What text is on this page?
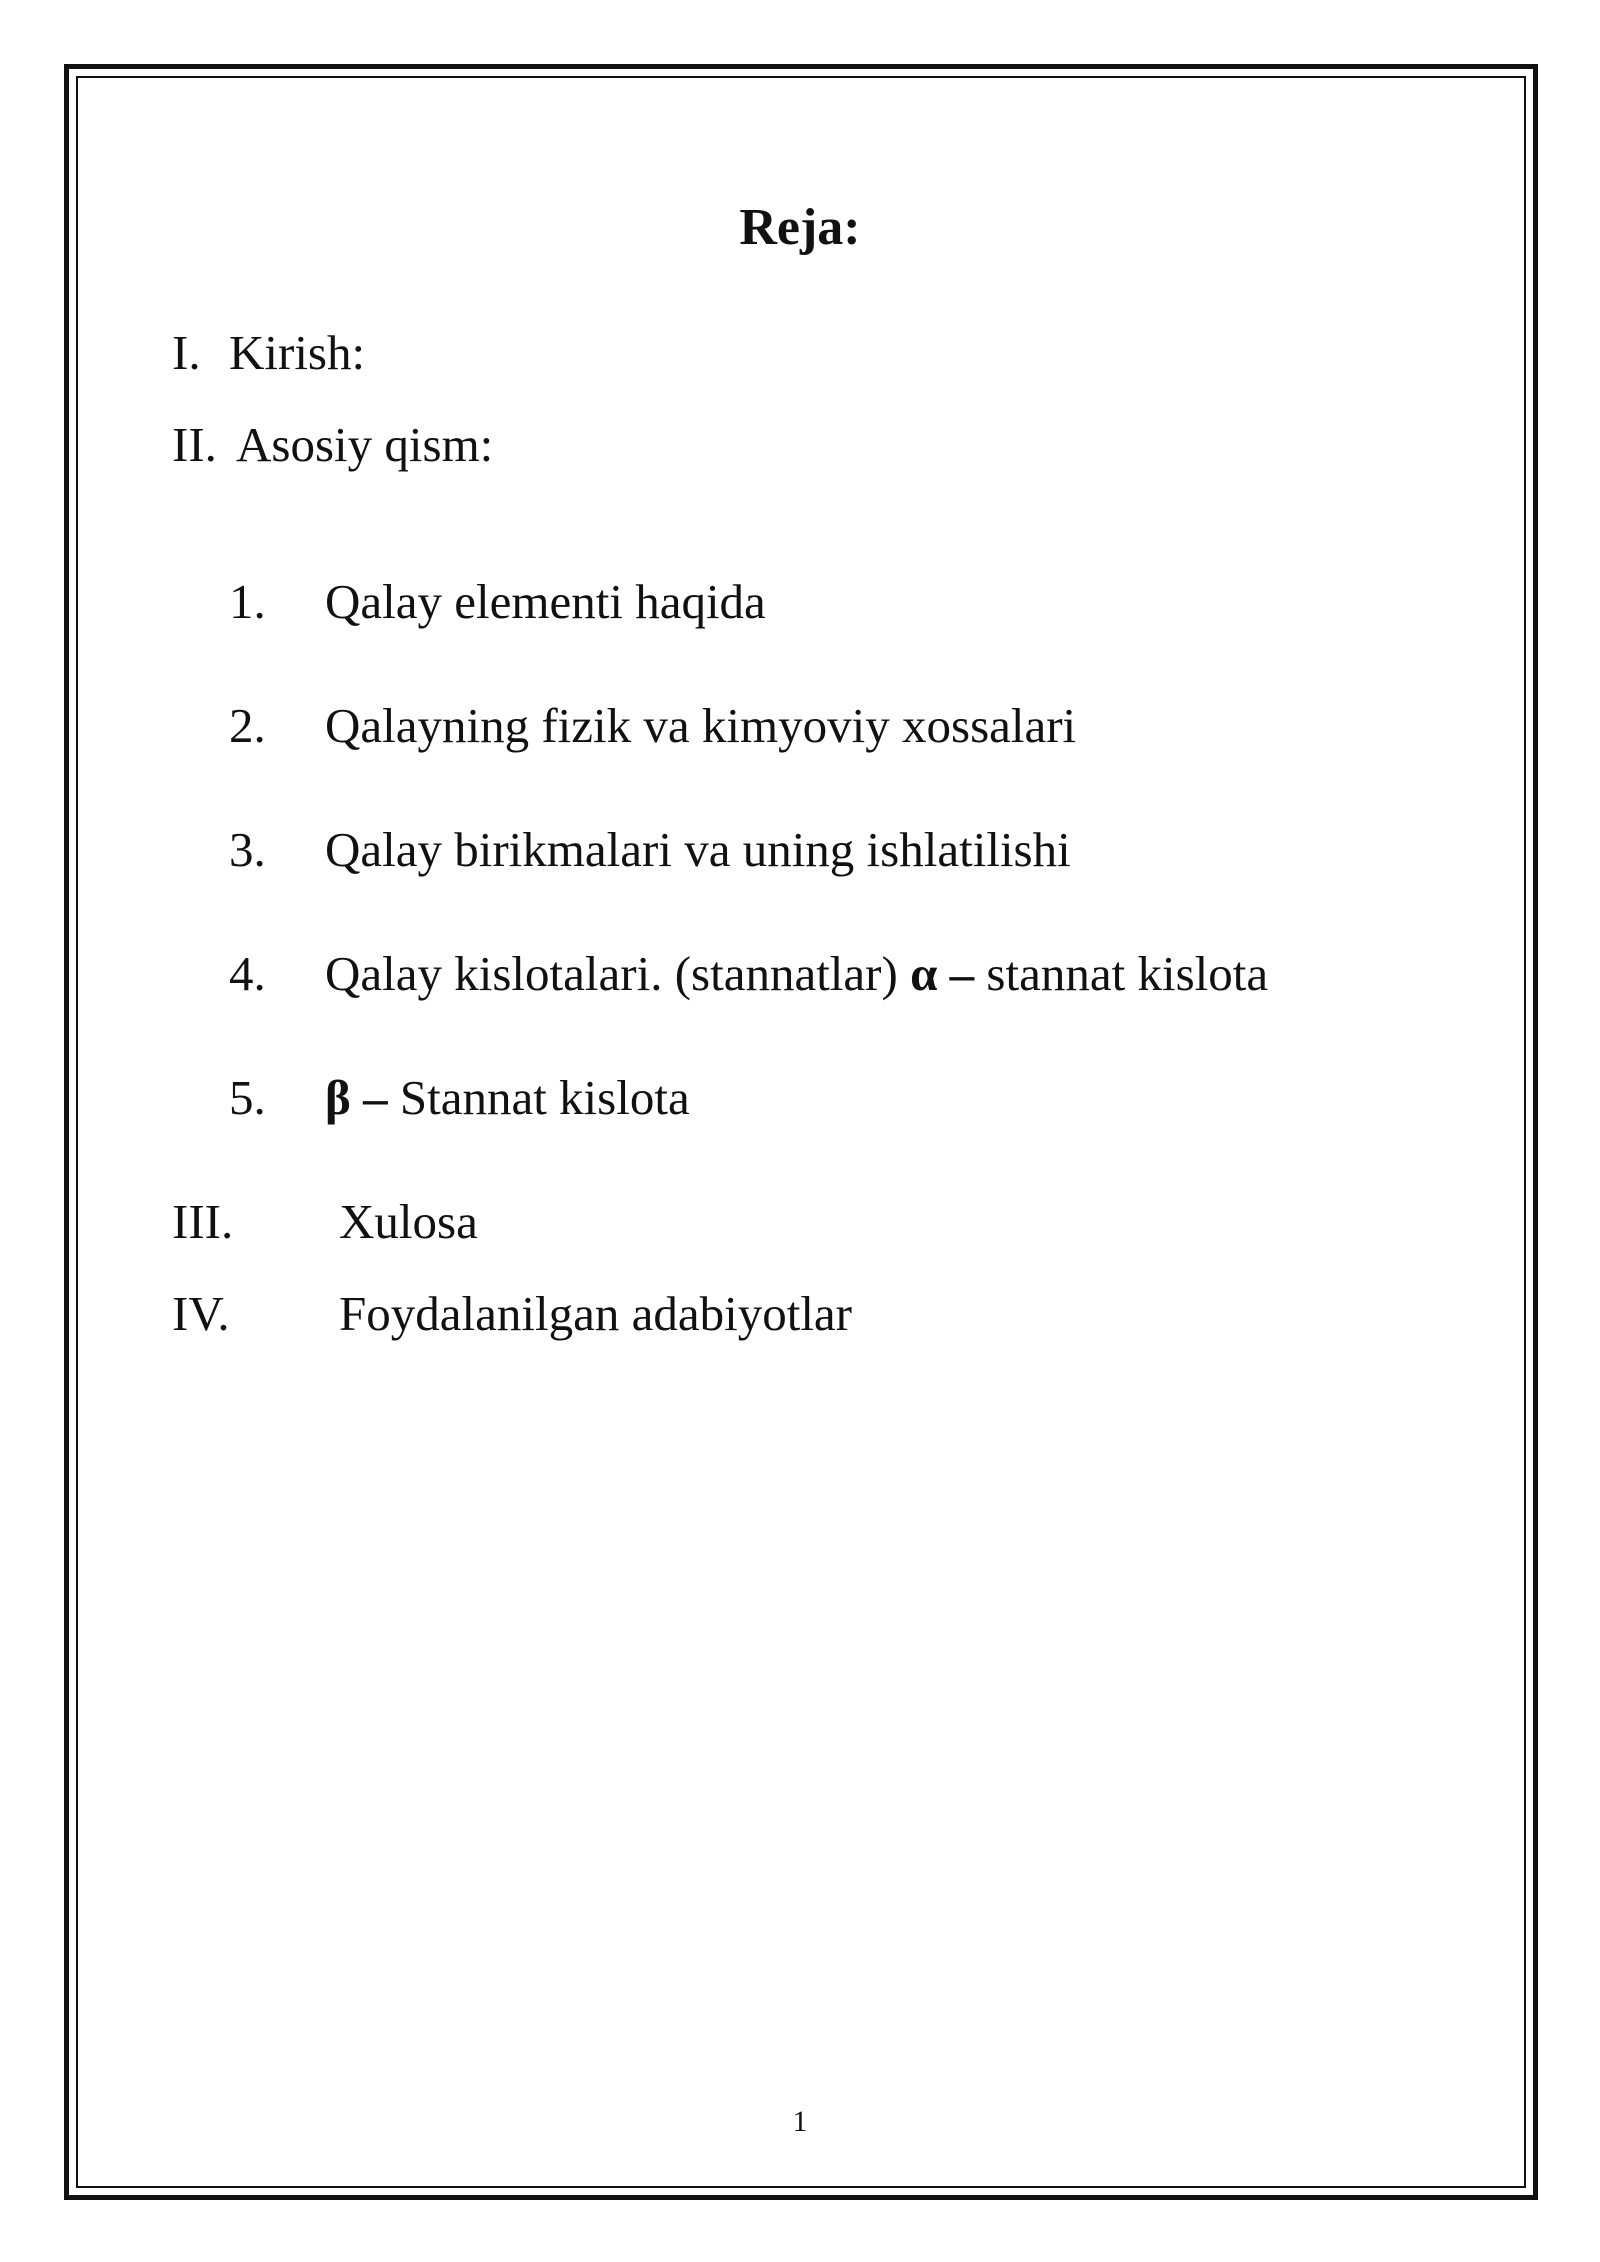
Reja:
I. Kirish:
II. Asosiy qism:
1. Qalay elementi haqida
2. Qalayning fizik va kimyoviy xossalari
3. Qalay birikmalari va uning ishlatilishi
4. Qalay kislotalari. (stannatlar) α – stannat kislota
5. β – Stannat kislota
III. Xulosa
IV. Foydalanilgan adabiyotlar
1
